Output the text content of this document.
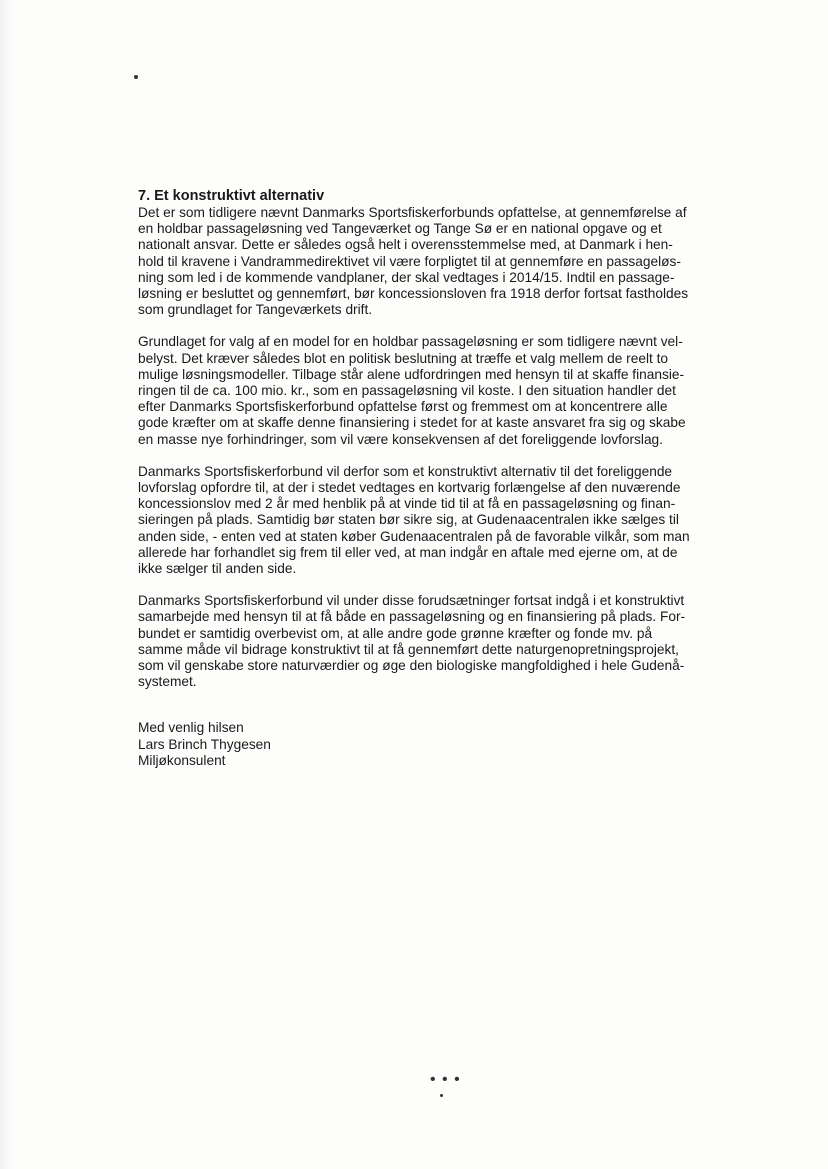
7. Et konstruktivt alternativ
Det er som tidligere nævnt Danmarks Sportsfiskerforbunds opfattelse, at gennemførelse af
en holdbar passageløsning ved Tangeværket og Tange Sø er en national opgave og et
nationalt ansvar. Dette er således også helt i overensstemmelse med, at Danmark i hen-
hold til kravene i Vandrammedirektivet vil være forpligtet til at gennemføre en passageløs-
ning som led i de kommende vandplaner, der skal vedtages i 2014/15. Indtil en passage-
løsning er besluttet og gennemført, bør koncessionsloven fra 1918 derfor fortsat fastholdes
som grundlaget for Tangeværkets drift.
Grundlaget for valg af en model for en holdbar passageløsning er som tidligere nævnt vel-
belyst. Det kræver således blot en politisk beslutning at træffe et valg mellem de reelt to
mulige løsningsmodeller. Tilbage står alene udfordringen med hensyn til at skaffe finansie-
ringen til de ca. 100 mio. kr., som en passageløsning vil koste. I den situation handler det
efter Danmarks Sportsfiskerforbund opfattelse først og fremmest om at koncentrere alle
gode kræfter om at skaffe denne finansiering i stedet for at kaste ansvaret fra sig og skabe
en masse nye forhindringer, som vil være konsekvensen af det foreliggende lovforslag.
Danmarks Sportsfiskerforbund vil derfor som et konstruktivt alternativ til det foreliggende
lovforslag opfordre til, at der i stedet vedtages en kortvarig forlængelse af den nuværende
koncessionslov med 2 år med henblik på at vinde tid til at få en passageløsning og finan-
sieringen på plads. Samtidig bør staten bør sikre sig, at Gudenaacentralen ikke sælges til
anden side, - enten ved at staten køber Gudenaacentralen på de favorable vilkår, som man
allerede har forhandlet sig frem til eller ved, at man indgår en aftale med ejerne om, at de
ikke sælger til anden side.
Danmarks Sportsfiskerforbund vil under disse forudsætninger fortsat indgå i et konstruktivt
samarbejde med hensyn til at få både en passageløsning og en finansiering på plads. For-
bundet er samtidig overbevist om, at alle andre gode grønne kræfter og fonde mv. på
samme måde vil bidrage konstruktivt til at få gennemført dette naturgenopretningsprojekt,
som vil genskabe store naturværdier og øge den biologiske mangfoldighed i hele Gudenå-
systemet.
Med venlig hilsen
Lars Brinch Thygesen
Miljøkonsulent
• • •
